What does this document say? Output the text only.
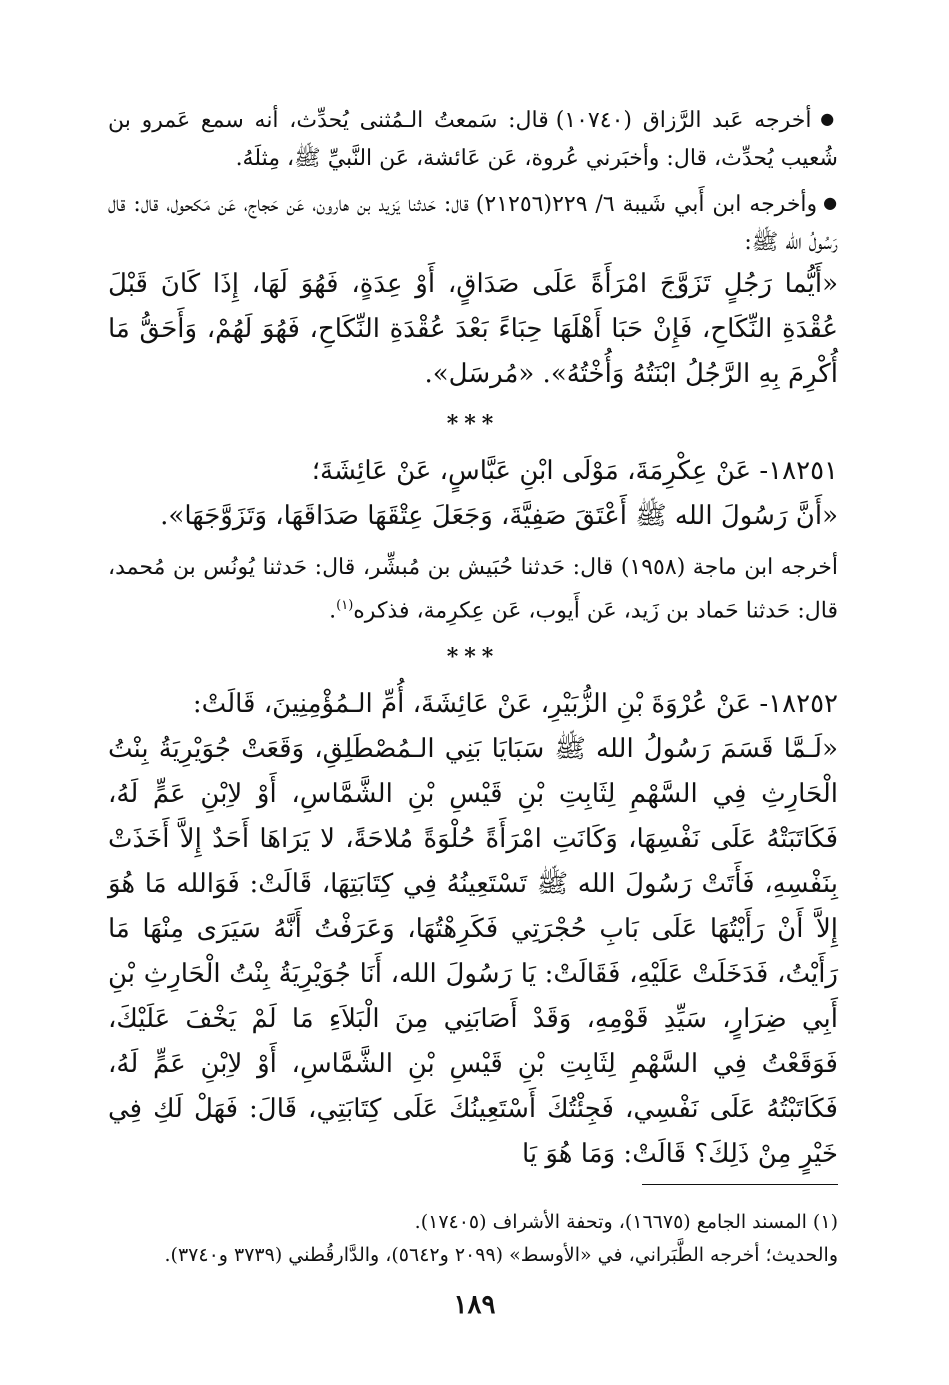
● أخرجه عَبد الرَّزاق (١٠٧٤٠) قال: سَمعتُ الـمُثنى يُحدِّث، أنه سمع عَمرو بن شُعيب يُحدِّث، قال: وأخبَرني عُروة، عَن عَائشة، عَن النَّبيِّ ﷺ، مِثلَهُ.

● وأخرجه ابن أَبي شَيبة ٦/ ٢٢٩(٢١٢٥٦) قال: حَدثنا يَزيد بن هارون، عَن حَجاج، عَن مَكحول، قال: قال رَسُولُ الله ﷺ:

«أَيُّما رَجُلٍ تَزَوَّجَ امْرَأَةً عَلَى صَدَاقٍ، أَوْ عِدَةٍ، فَهُوَ لَهَا، إِذَا كَانَ قَبْلَ عُقْدَةِ النِّكَاحِ، فَإِنْ حَبَا أَهْلَهَا حِبَاءً بَعْدَ عُقْدَةِ النِّكَاحِ، فَهُوَ لَهُمْ، وَأَحَقُّ مَا أُكْرِمَ بِهِ الرَّجُلُ ابْنَتُهُ وَأُخْتُهُ». «مُرسَل».

***

١٨٢٥١- عَنْ عِكْرِمَةَ، مَوْلَى ابْنِ عَبَّاسٍ، عَنْ عَائِشَةَ؛

«أَنَّ رَسُولَ الله ﷺ أَعْتَقَ صَفِيَّةَ، وَجَعَلَ عِتْقَهَا صَدَاقَهَا، وَتَزَوَّجَهَا».

أخرجه ابن ماجة (١٩٥٨) قال: حَدثنا حُبَيش بن مُبشِّر، قال: حَدثنا يُونُس بن مُحمد، قال: حَدثنا حَماد بن زَيد، عَن أَيوب، عَن عِكرِمة، فذكره$^{(١)}$.

***

١٨٢٥٢- عَنْ عُرْوَةَ بْنِ الزُّبَيْرِ، عَنْ عَائِشَةَ، أُمِّ الـمُؤْمِنِينَ، قَالَتْ:

«لَـمَّا قَسَمَ رَسُولُ الله ﷺ سَبَايَا بَنِي الـمُصْطَلِقِ، وَقَعَتْ جُوَيْرِيَةُ بِنْتُ الْحَارِثِ فِي السَّهْمِ لِثَابِتِ بْنِ قَيْسِ بْنِ الشَّمَّاسِ، أَوْ لاِبْنِ عَمٍّ لَهُ، فَكَاتَبَتْهُ عَلَى نَفْسِهَا، وَكَانَتِ امْرَأَةً حُلْوَةً مُلاحَةً، لا يَرَاهَا أَحَدٌ إِلاَّ أَخَذَتْ بِنَفْسِهِ، فَأَتَتْ رَسُولَ الله ﷺ تَسْتَعِينُهُ فِي كِتَابَتِهَا، قَالَتْ: فَوَالله مَا هُوَ إِلاَّ أَنْ رَأَيْتُهَا عَلَى بَابِ حُجْرَتِي فَكَرِهْتُهَا، وَعَرَفْتُ أَنَّهُ سَيَرَى مِنْهَا مَا رَأَيْتُ، فَدَخَلَتْ عَلَيْهِ، فَقَالَتْ: يَا رَسُولَ الله، أَنَا جُوَيْرِيَةُ بِنْتُ الْحَارِثِ بْنِ أَبِي ضِرَارٍ، سَيِّدِ قَوْمِهِ، وَقَدْ أَصَابَنِي مِنَ الْبَلاَءِ مَا لَمْ يَخْفَ عَلَيْكَ، فَوَقَعْتُ فِي السَّهْمِ لِثَابِتِ بْنِ قَيْسِ بْنِ الشَّمَّاسِ، أَوْ لاِبْنِ عَمٍّ لَهُ، فَكَاتَبْتُهُ عَلَى نَفْسِي، فَجِئْتُكَ أَسْتَعِينُكَ عَلَى كِتَابَتِي، قَالَ: فَهَلْ لَكِ فِي خَيْرٍ مِنْ ذَلِكَ؟ قَالَتْ: وَمَا هُوَ يَا

(١) المسند الجامع (١٦٦٧٥)، وتحفة الأشراف (١٧٤٠٥).

والحديث؛ أخرجه الطَّبَراني، في «الأوسط» (٢٠٩٩ و٥٦٤٢)، والدَّارقُطني (٣٧٣٩ و٣٧٤٠).

١٨٩
